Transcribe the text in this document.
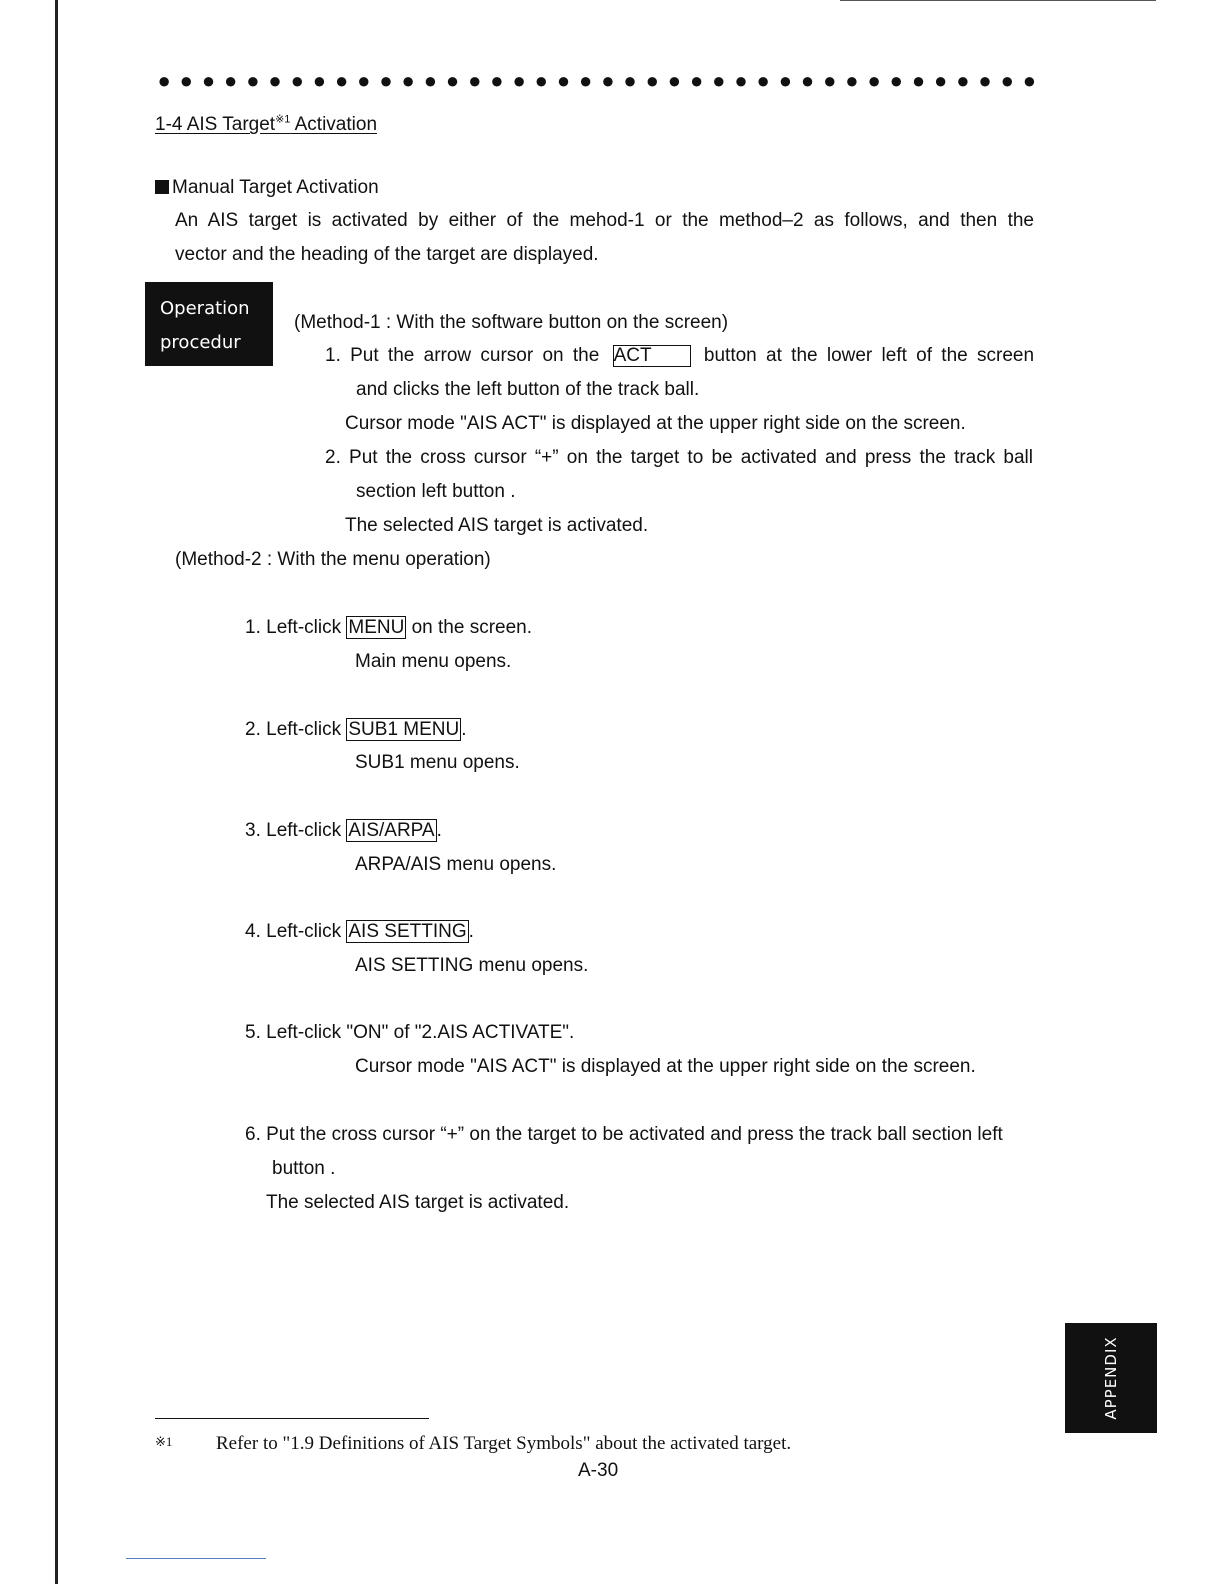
● ● ● ● ● ● ● ● ● ● ● ● ● ● ● ● ● ● ● ● ● ● ● ● ● ● ● ● ● ● ● ● ● ● ● ● ● ● ● ●
1-4 AIS Target$^{※1}$ Activation
Manual Target Activation
An AIS target is activated by either of the mehod-1 or the method–2 as follows, and then the
vector and the heading of the target are displayed.
Operation
procedur
(Method-1 : With the software button on the screen)
1. Put the arrow cursor on the ACT	button at the lower left of the screen
and clicks the left button of the track ball.
Cursor mode "AIS ACT" is displayed at the upper right side on the screen.
2. Put the cross cursor “+” on the target to be activated and press the track ball
section left button .
The selected AIS target is activated.
(Method-2 : With the menu operation)
1. Left-click MENU on the screen.
Main menu opens.
2. Left-click SUB1 MENU .
SUB1 menu opens.
3. Left-click AIS/ARPA .
ARPA/AIS menu opens.
4. Left-click AIS SETTING .
AIS SETTING menu opens.
5. Left-click "ON" of "2.AIS ACTIVATE".
Cursor mode "AIS ACT" is displayed at the upper right side on the screen.
6. Put the cross cursor “+” on the target to be activated and press the track ball section left
button .
The selected AIS target is activated.
※1 Refer to "1.9 Definitions of AIS Target Symbols" about the activated target.
A-30
APPENDIX
